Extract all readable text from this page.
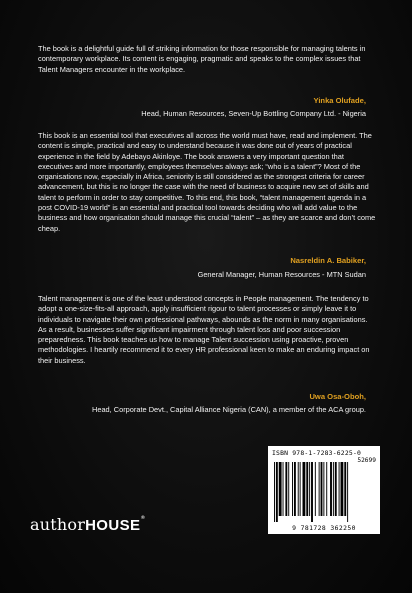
The book is a delightful guide full of striking information for those responsible for managing talents in contemporary workplace. Its content is engaging, pragmatic and speaks to the complex issues that Talent Managers encounter in the workplace.

Yinka Olufade,

Head, Human Resources, Seven-Up Bottling Company Ltd. - Nigeria

This book is an essential tool that executives all across the world must have, read and implement. The content is simple, practical and easy to understand because it was done out of years of practical experience in the field by Adebayo Akinloye. The book answers a very important question that executives and more importantly, employees themselves always ask; “who is a talent”? Most of the organisations now, especially in Africa, seniority is still considered as the strongest criteria for career advancement, but this is no longer the case with the need of business to acquire new set of skills and talent to perform in order to stay competitive. To this end, this book, “talent management agenda in a post COVID-19 world” is an essential and practical tool towards deciding who will add value to the business and how organisation should manage this crucial “talent” – as they are scarce and don’t come cheap.

Nasreldin A. Babiker,

General Manager, Human Resources - MTN Sudan

Talent management is one of the least understood concepts in People management. The tendency to adopt a one-size-fits-all approach, apply insufficient rigour to talent processes or simply leave it to individuals to navigate their own professional pathways, abounds as the norm in many organisations. As a result, businesses suffer significant impairment through talent loss and poor succession preparedness. This book teaches us how to manage Talent succession using proactive, proven methodologies. I heartily recommend it to every HR professional keen to make an enduring impact on their business.

Uwa Osa-Oboh,

Head, Corporate Devt., Capital Alliance Nigeria (CAN), a member of the ACA group.

authorHOUSE®
ISBN 978-1-7283-6225-0
52699
9 781728 362250
